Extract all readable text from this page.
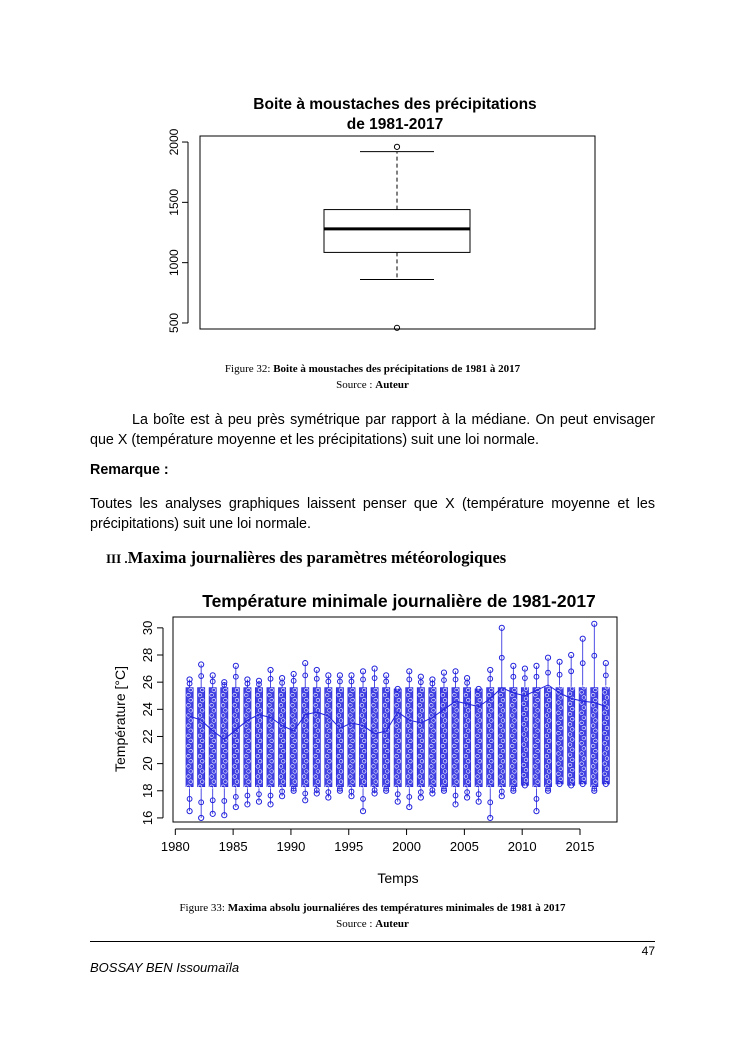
Boite à moustaches des précipitations
de 1981-2017
500
1000
1500
2000
Figure 32: Boite à moustaches des précipitations de 1981 à 2017
Source : Auteur
La boîte est à peu près symétrique par rapport à la médiane. On peut envisager
que X (température moyenne et les précipitations) suit une loi normale.
Remarque :
Toutes les analyses graphiques laissent penser que X (température moyenne et les
précipitations) suit une loi normale.
III .Maxima journalières des paramètres météorologiques
Température minimale journalière de 1981-2017
16
18
20
22
24
26
28
30
1980 1985 1990 1995 2000 2005 2010 2015
Temps
Température [°C]
Figure 33: Maxima absolu journaliéres des températures minimales de 1981 à 2017
Source : Auteur
47
BOSSAY BEN Issoumaïla
